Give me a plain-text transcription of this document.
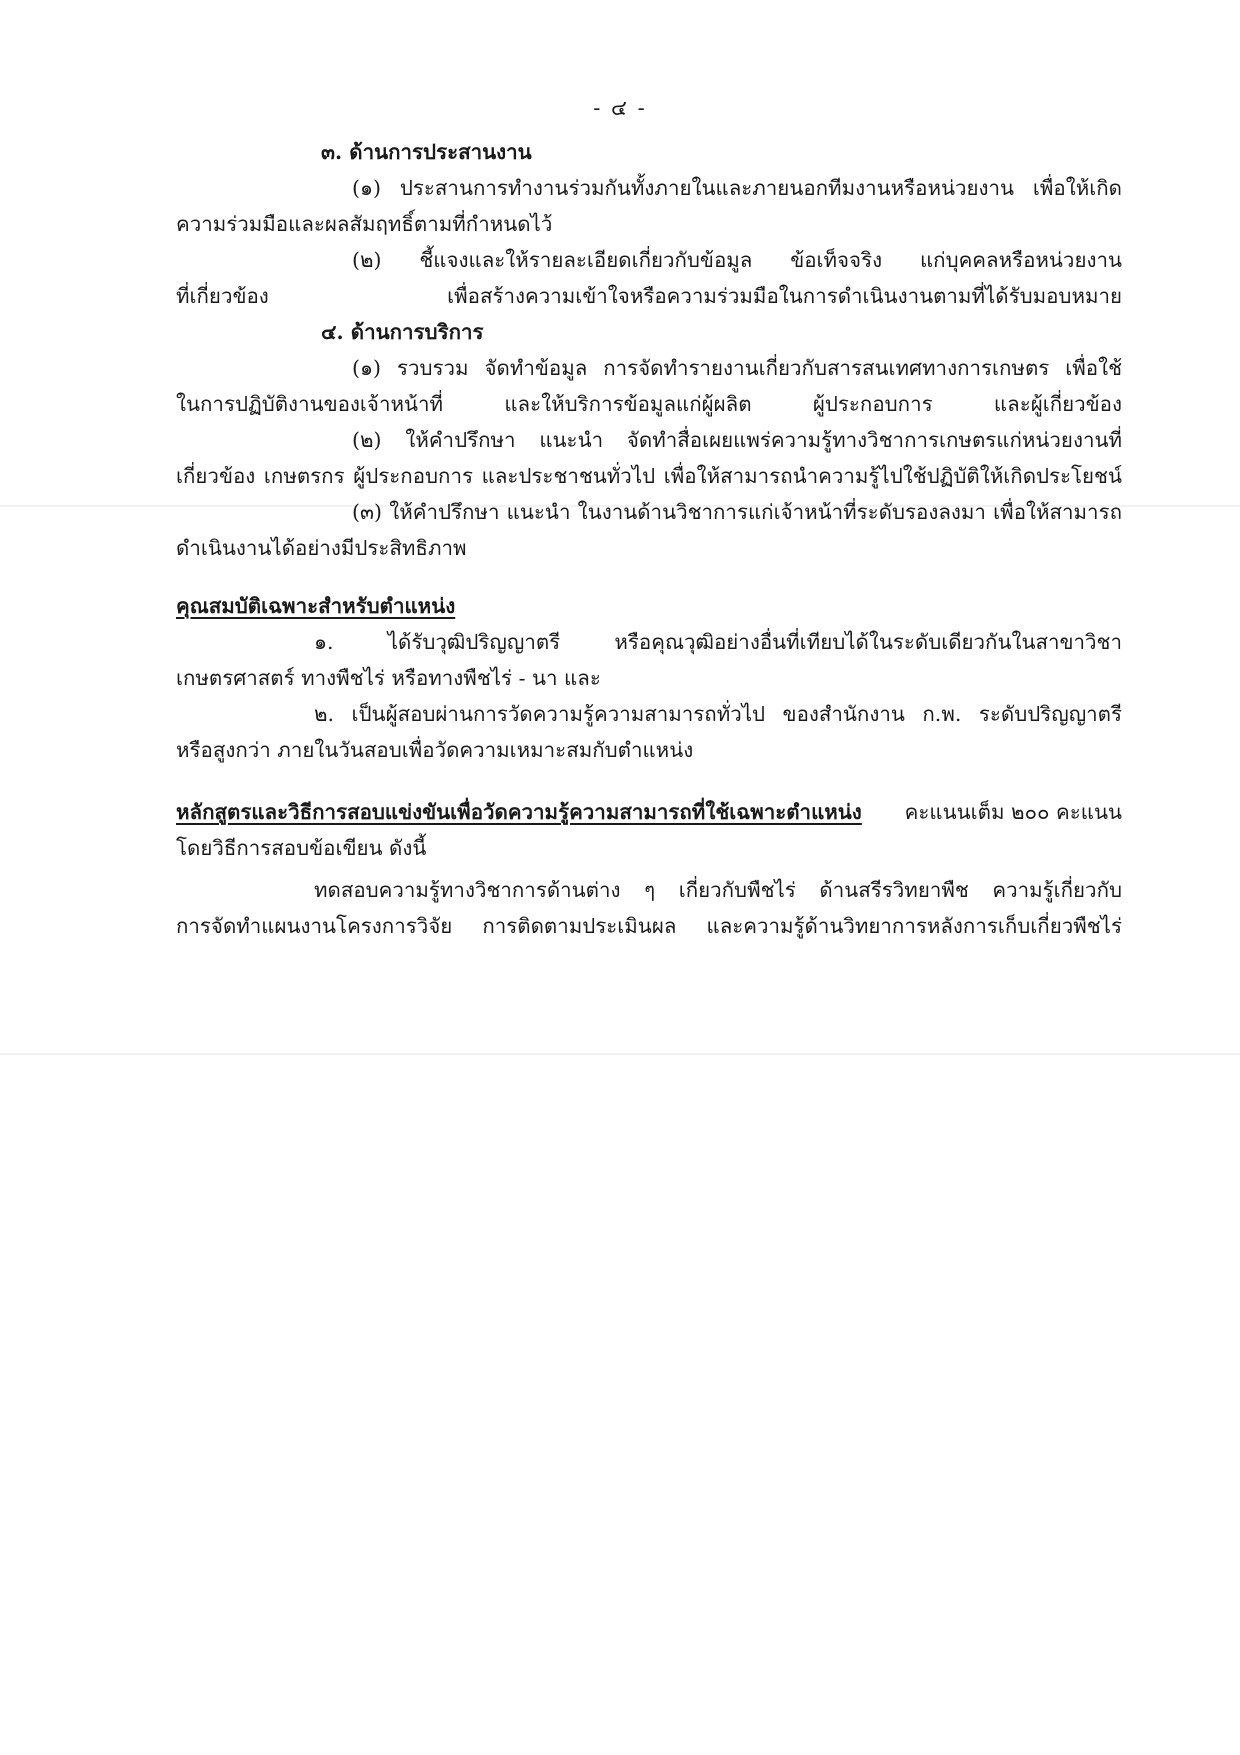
- ๔ -
๓. ด้านการประสานงาน
(๑) ประสานการทำงานร่วมกันทั้งภายในและภายนอกทีมงานหรือหน่วยงาน เพื่อให้เกิด
ความร่วมมือและผลสัมฤทธิ์ตามที่กำหนดไว้
(๒) ชี้แจงและให้รายละเอียดเกี่ยวกับข้อมูล ข้อเท็จจริง แก่บุคคลหรือหน่วยงาน
ที่เกี่ยวข้อง เพื่อสร้างความเข้าใจหรือความร่วมมือในการดำเนินงานตามที่ได้รับมอบหมาย
๔. ด้านการบริการ
(๑) รวบรวม จัดทำข้อมูล การจัดทำรายงานเกี่ยวกับสารสนเทศทางการเกษตร เพื่อใช้
ในการปฏิบัติงานของเจ้าหน้าที่ และให้บริการข้อมูลแก่ผู้ผลิต ผู้ประกอบการ และผู้เกี่ยวข้อง
(๒) ให้คำปรึกษา แนะนำ จัดทำสื่อเผยแพร่ความรู้ทางวิชาการเกษตรแก่หน่วยงานที่
เกี่ยวข้อง เกษตรกร ผู้ประกอบการ และประชาชนทั่วไป เพื่อให้สามารถนำความรู้ไปใช้ปฏิบัติให้เกิดประโยชน์
(๓) ให้คำปรึกษา แนะนำ ในงานด้านวิชาการแก่เจ้าหน้าที่ระดับรองลงมา เพื่อให้สามารถ
ดำเนินงานได้อย่างมีประสิทธิภาพ
คุณสมบัติเฉพาะสำหรับตำแหน่ง
๑. ได้รับวุฒิปริญญาตรี หรือคุณวุฒิอย่างอื่นที่เทียบได้ในระดับเดียวกันในสาขาวิชา
เกษตรศาสตร์ ทางพืชไร่ หรือทางพืชไร่ - นา และ
๒. เป็นผู้สอบผ่านการวัดความรู้ความสามารถทั่วไป ของสำนักงาน ก.พ. ระดับปริญญาตรี
หรือสูงกว่า ภายในวันสอบเพื่อวัดความเหมาะสมกับตำแหน่ง
หลักสูตรและวิธีการสอบแข่งขันเพื่อวัดความรู้ความสามารถที่ใช้เฉพาะตำแหน่ง คะแนนเต็ม ๒๐๐ คะแนน
โดยวิธีการสอบข้อเขียน ดังนี้
ทดสอบความรู้ทางวิชาการด้านต่าง ๆ เกี่ยวกับพืชไร่ ด้านสรีรวิทยาพืช ความรู้เกี่ยวกับ
การจัดทำแผนงานโครงการวิจัย การติดตามประเมินผล และความรู้ด้านวิทยาการหลังการเก็บเกี่ยวพืชไร่
